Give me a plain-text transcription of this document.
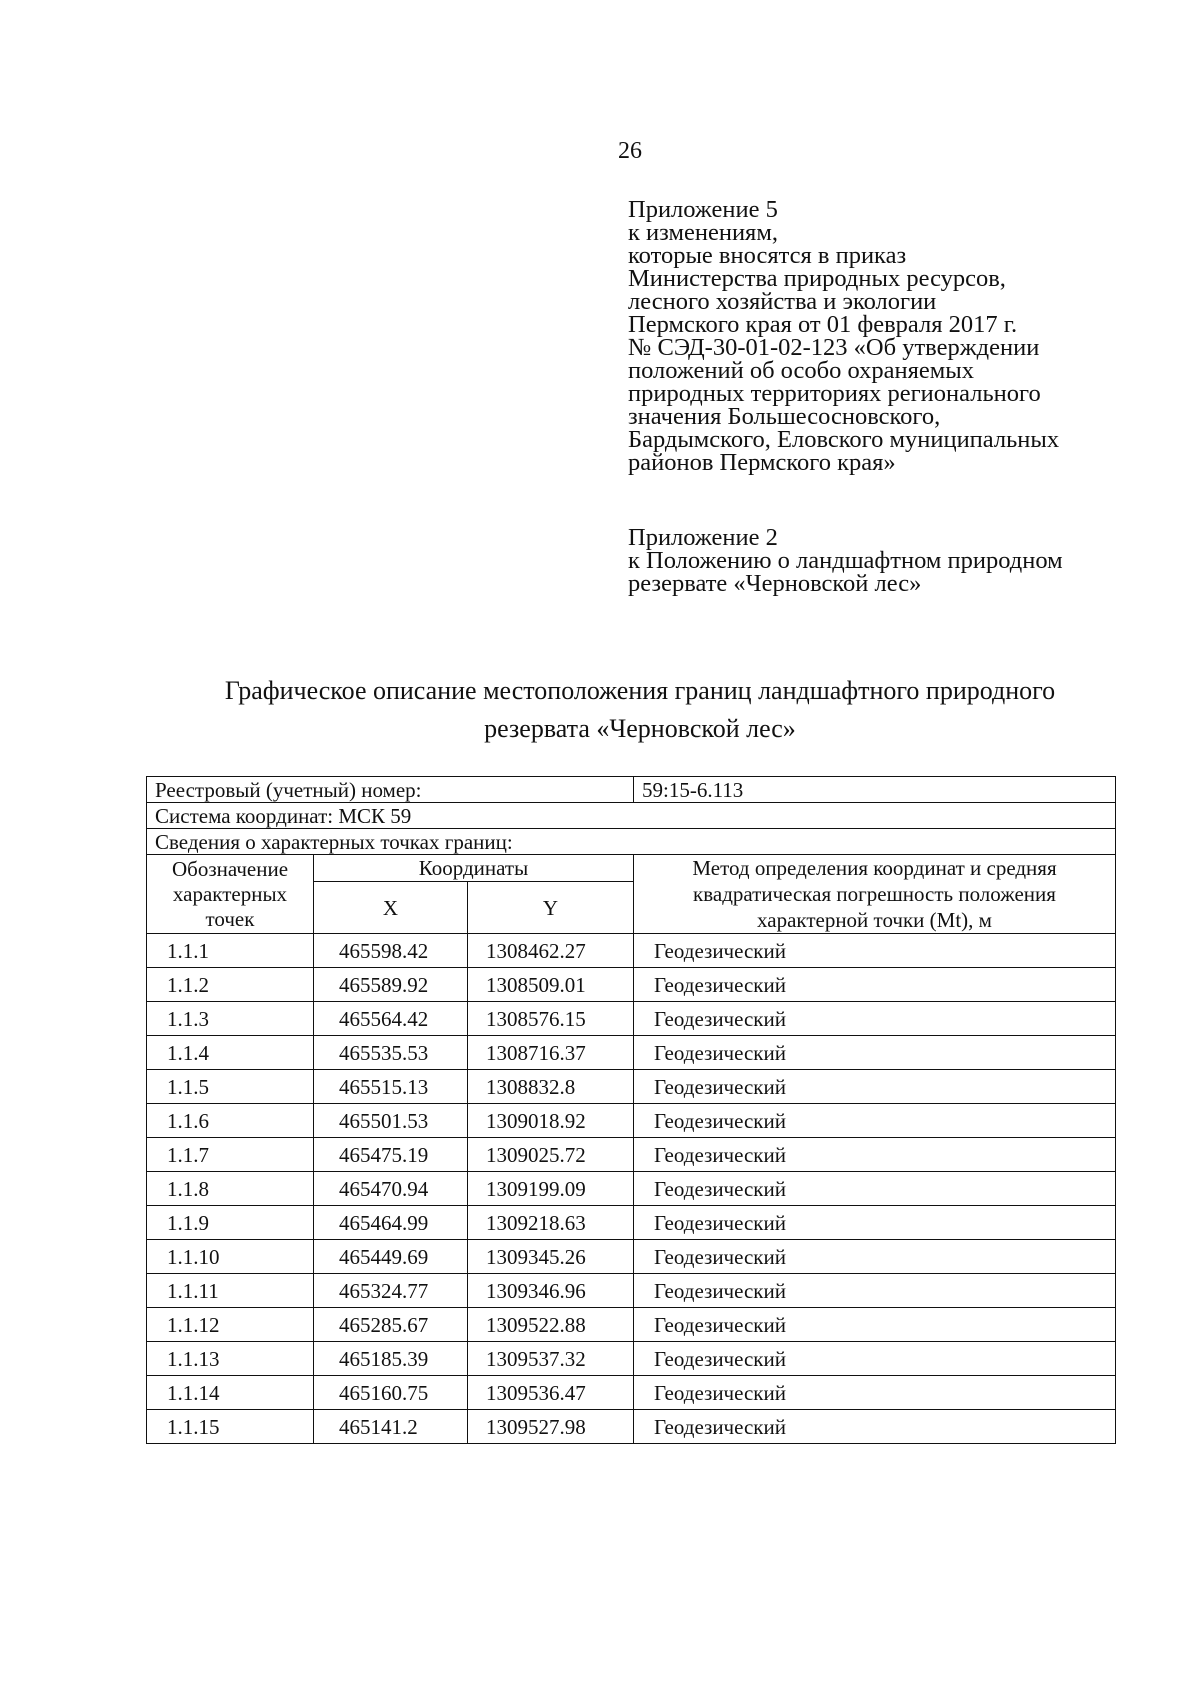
26
Приложение 5
к изменениям,
которые вносятся в приказ
Министерства природных ресурсов,
лесного хозяйства и экологии
Пермского края от 01 февраля 2017 г.
№ СЭД-30-01-02-123 «Об утверждении
положений об особо охраняемых
природных территориях регионального
значения Большесосновского,
Бардымского, Еловского муниципальных
районов Пермского края»
Приложение 2
к Положению о ландшафтном природном
резервате «Черновской лес»
Графическое описание местоположения границ ландшафтного природного
резервата «Черновской лес»
Реестровый (учетный) номер:			59:15-6.113
Система координат: МСК 59			
Сведения о характерных точках границ:			
Обозначение характерных точек	Координаты		Метод определения координат и средняя квадратическая погрешность положения характерной точки (Mt), м
	X	Y	
1.1.1	465598.42	1308462.27	Геодезический
1.1.2	465589.92	1308509.01	Геодезический
1.1.3	465564.42	1308576.15	Геодезический
1.1.4	465535.53	1308716.37	Геодезический
1.1.5	465515.13	1308832.8	Геодезический
1.1.6	465501.53	1309018.92	Геодезический
1.1.7	465475.19	1309025.72	Геодезический
1.1.8	465470.94	1309199.09	Геодезический
1.1.9	465464.99	1309218.63	Геодезический
1.1.10	465449.69	1309345.26	Геодезический
1.1.11	465324.77	1309346.96	Геодезический
1.1.12	465285.67	1309522.88	Геодезический
1.1.13	465185.39	1309537.32	Геодезический
1.1.14	465160.75	1309536.47	Геодезический
1.1.15	465141.2	1309527.98	Геодезический
